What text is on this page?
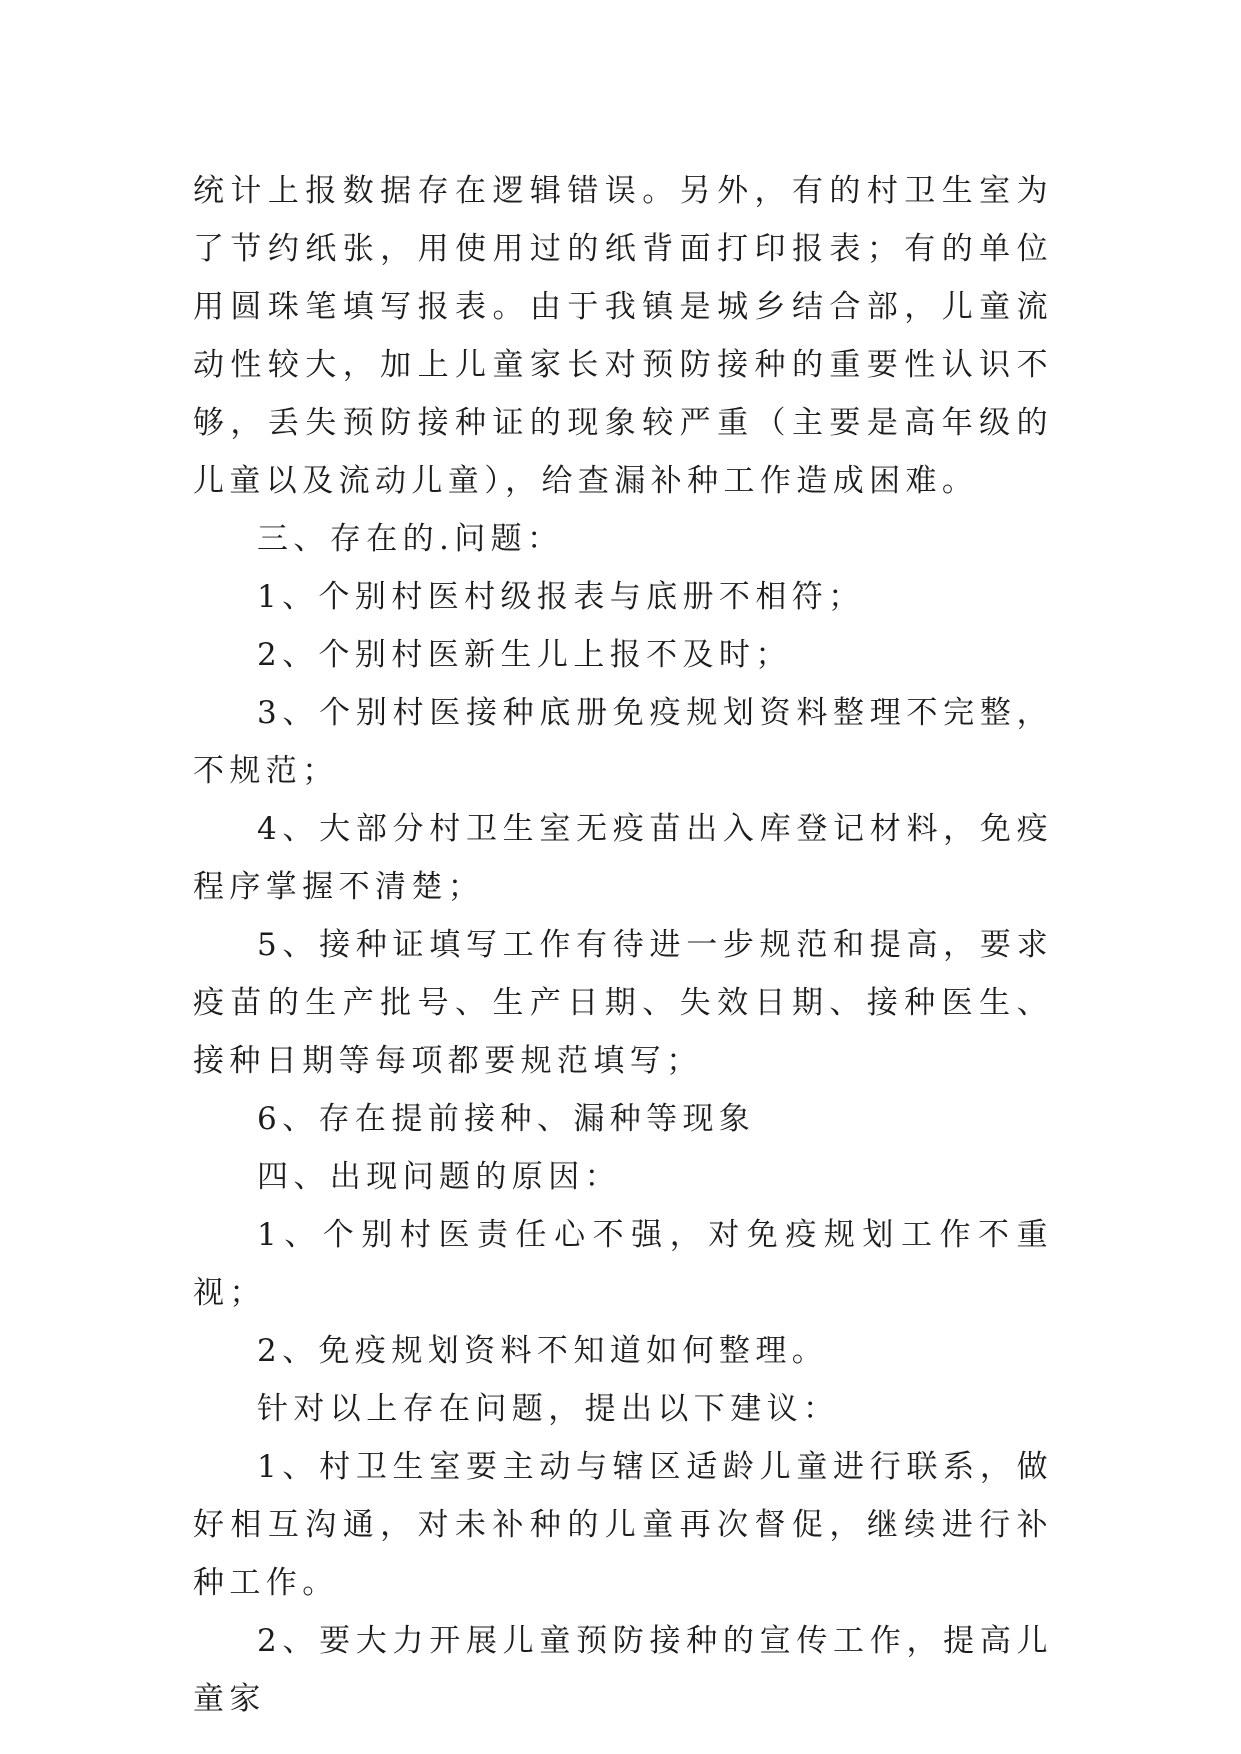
统计上报数据存在逻辑错误。另外，有的村卫生室为了节约纸张，用使用过的纸背面打印报表；有的单位用圆珠笔填写报表。由于我镇是城乡结合部，儿童流动性较大，加上儿童家长对预防接种的重要性认识不够，丢失预防接种证的现象较严重（主要是高年级的儿童以及流动儿童），给查漏补种工作造成困难。

三、存在的.问题：

1、个别村医村级报表与底册不相符；

2、个别村医新生儿上报不及时；

3、个别村医接种底册免疫规划资料整理不完整，不规范；

4、大部分村卫生室无疫苗出入库登记材料，免疫程序掌握不清楚；

5、接种证填写工作有待进一步规范和提高，要求疫苗的生产批号、生产日期、失效日期、接种医生、接种日期等每项都要规范填写；

6、存在提前接种、漏种等现象

四、出现问题的原因：

1、个别村医责任心不强，对免疫规划工作不重视；

2、免疫规划资料不知道如何整理。

针对以上存在问题，提出以下建议：

1、村卫生室要主动与辖区适龄儿童进行联系，做好相互沟通，对未补种的儿童再次督促，继续进行补种工作。

2、要大力开展儿童预防接种的宣传工作，提高儿童家
